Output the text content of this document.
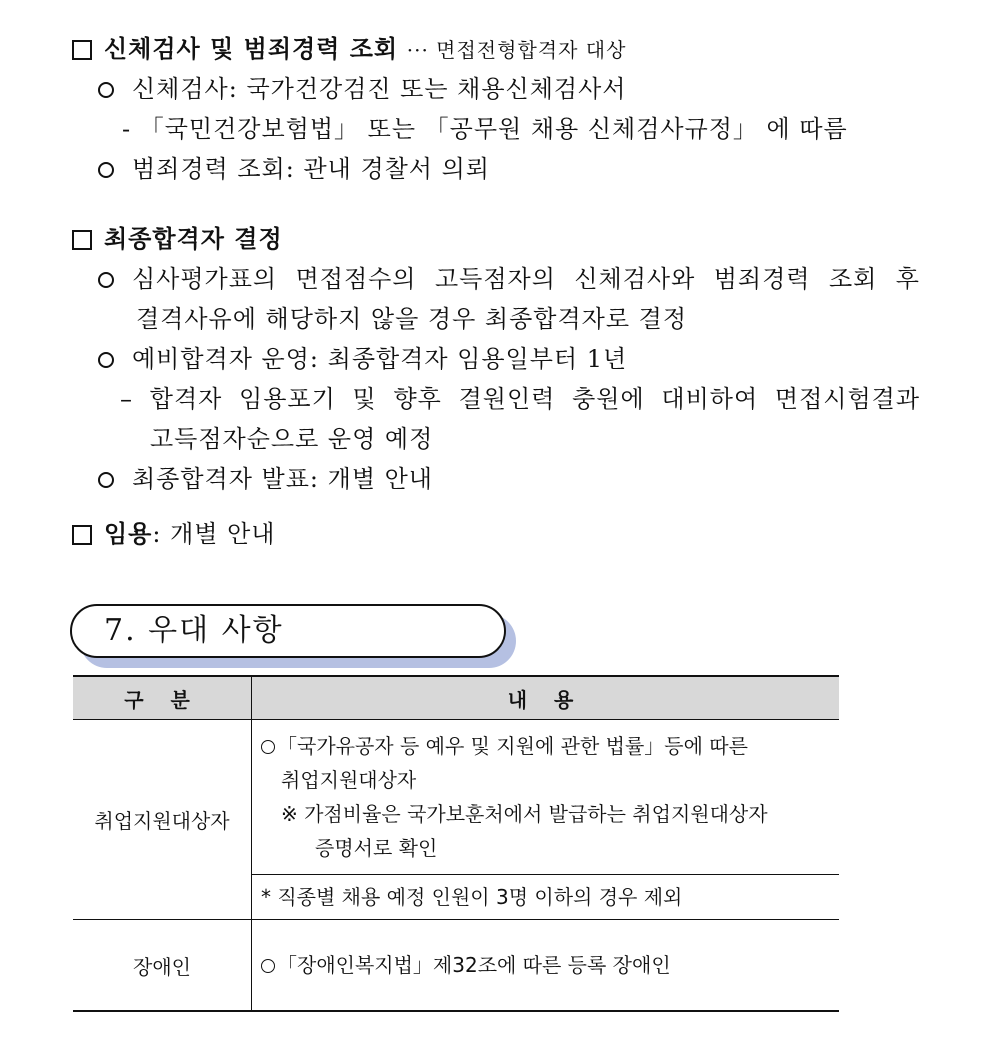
신체검사 및 범죄경력 조회 ··· 면접전형합격자 대상
신체검사: 국가건강검진 또는 채용신체검사서
- 「국민건강보험법」 또는 「공무원 채용 신체검사규정」 에 따름
범죄경력 조회: 관내 경찰서 의뢰
최종합격자 결정
심사평가표의 면접점수의 고득점자의 신체검사와 범죄경력 조회 후
결격사유에 해당하지 않을 경우 최종합격자로 결정
예비합격자 운영: 최종합격자 임용일부터 1년
– 합격자 임용포기 및 향후 결원인력 충원에 대비하여 면접시험결과
고득점자순으로 운영 예정
최종합격자 발표: 개별 안내
임용: 개별 안내
7. 우대 사항
구 분	내 용
취업지원대상자	「국가유공자 등 예우 및 지원에 관한 법률」등에 따른
취업지원대상자
※ 가점비율은 국가보훈처에서 발급하는 취업지원대상자
증명서로 확인

	* 직종별 채용 예정 인원이 3명 이하의 경우 제외

장애인	「장애인복지법」제32조에 따른 등록 장애인
